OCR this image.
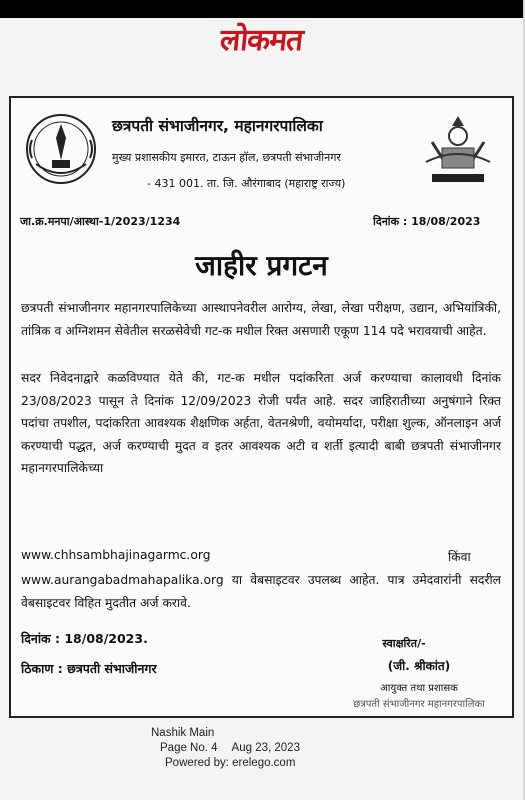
लोकमत
छत्रपती संभाजीनगर, महानगरपालिका
मुख्य प्रशासकीय इमारत, टाऊन हॉल, छत्रपती संभाजीनगर
- 431 001. ता. जि. औरंगाबाद (महाराष्ट्र राज्य)
जा.क्र.मनपा/आस्था-1/2023/1234	दिनांक : 18/08/2023
जाहीर प्रगटन
छत्रपती संभाजीनगर महानगरपालिकेच्या आस्थापनेवरील आरोग्य, लेखा, लेखा परीक्षण, उद्यान, अभियांत्रिकी, तांत्रिक व अग्निशमन सेवेतील सरळसेवेची गट-क मधील रिक्त असणारी एकूण 114 पदे भरावयाची आहेत.
सदर निवेदनाद्वारे कळविण्यात येते की, गट-क मधील पदांकरिता अर्ज करण्याचा कालावधी दिनांक 23/08/2023 पासून ते दिनांक 12/09/2023 रोजी पर्यंत आहे. सदर जाहिरातीच्या अनुषंगाने रिक्त पदांचा तपशील, पदांकरिता आवश्यक शैक्षणिक अर्हता, वेतनश्रेणी, वयोमर्यादा, परीक्षा शुल्क, ऑनलाइन अर्ज करण्याची पद्धत, अर्ज करण्याची मुदत व इतर आवश्यक अटी व शर्ती इत्यादी बाबी छत्रपती संभाजीनगर महानगरपालिकेच्या
www.chhsambhajinagarmc.org	किंवा
www.aurangabadmahapalika.org या वेबसाइटवर उपलब्ध आहेत. पात्र उमेदवारांनी सदरील वेबसाइटवर विहित मुदतीत अर्ज करावे.
दिनांक : 18/08/2023.
ठिकाण : छत्रपती संभाजीनगर
स्वाक्षरित/-
(जी. श्रीकांत)
आयुक्त तथा प्रशासक
Nashik Main
Page No. 4 Aug 23, 2023
Powered by: erelego.com
